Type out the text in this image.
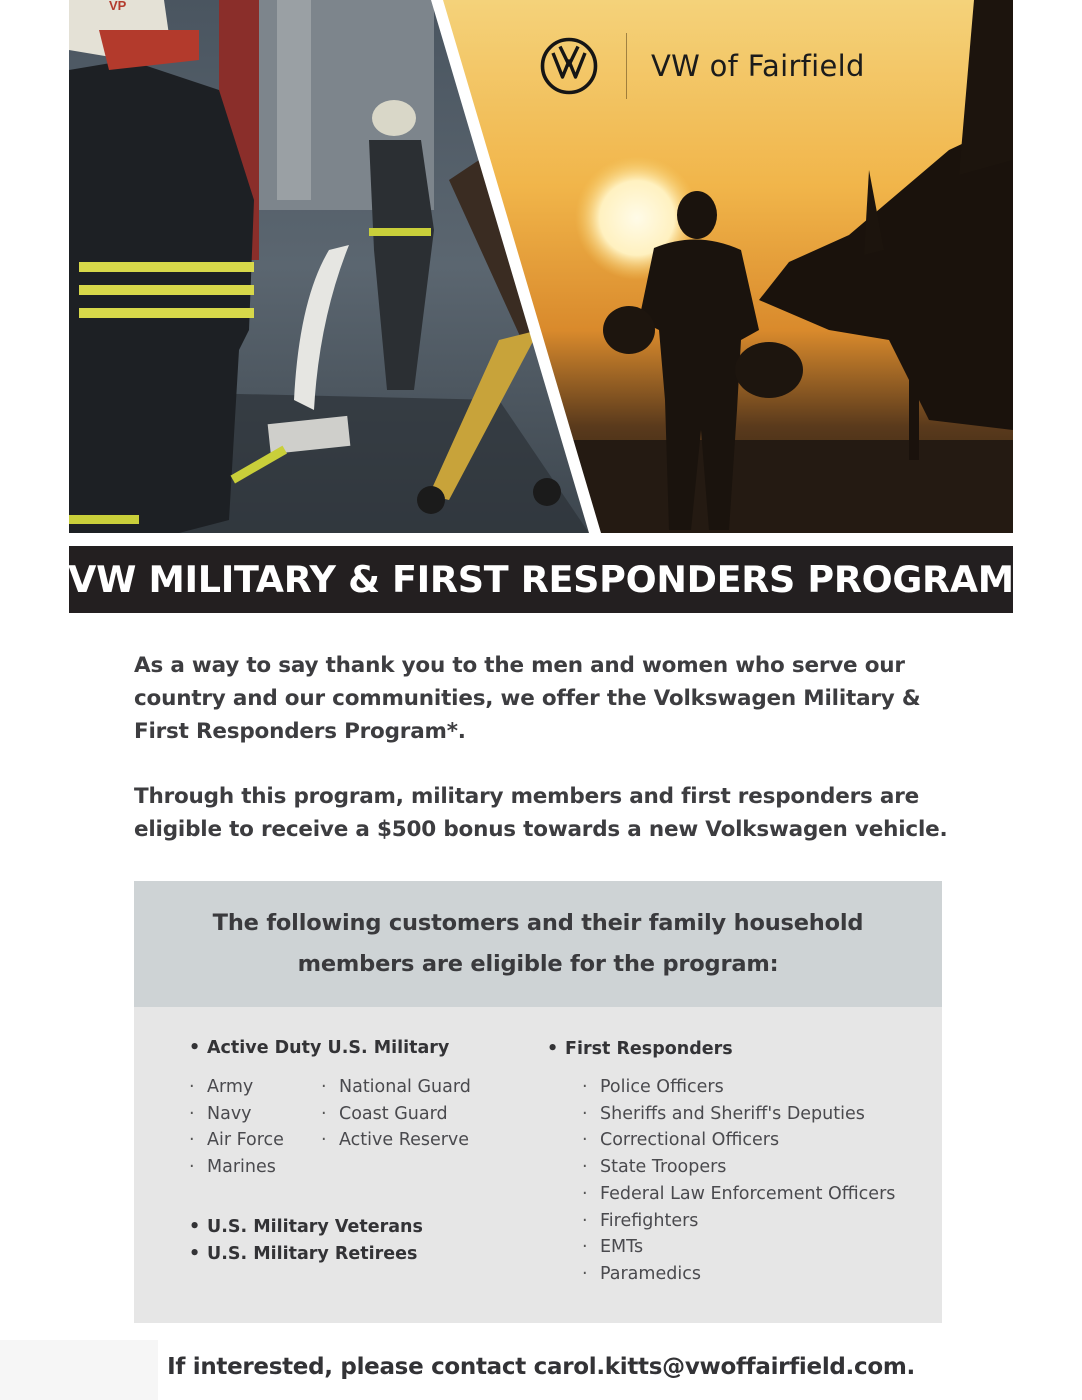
VP
VW of Fairfield
VW MILITARY & FIRST RESPONDERS PROGRAM

As a way to say thank you to the men and women who serve our country and our communities, we offer the Volkswagen Military & First Responders Program*.

Through this program, military members and first responders are eligible to receive a $500 bonus towards a new Volkswagen vehicle.

The following customers and their family household members are eligible for the program:

• Active Duty U.S. Military
· Army
· Navy
· Air Force
· Marines
· National Guard
· Coast Guard
· Active Reserve
• U.S. Military Veterans
• U.S. Military Retirees
• First Responders
· Police Officers
· Sheriffs and Sheriff's Deputies
· Correctional Officers
· State Troopers
· Federal Law Enforcement Officers
· Firefighters
· EMTs
· Paramedics

If interested, please contact carol.kitts@vwoffairfield.com.
